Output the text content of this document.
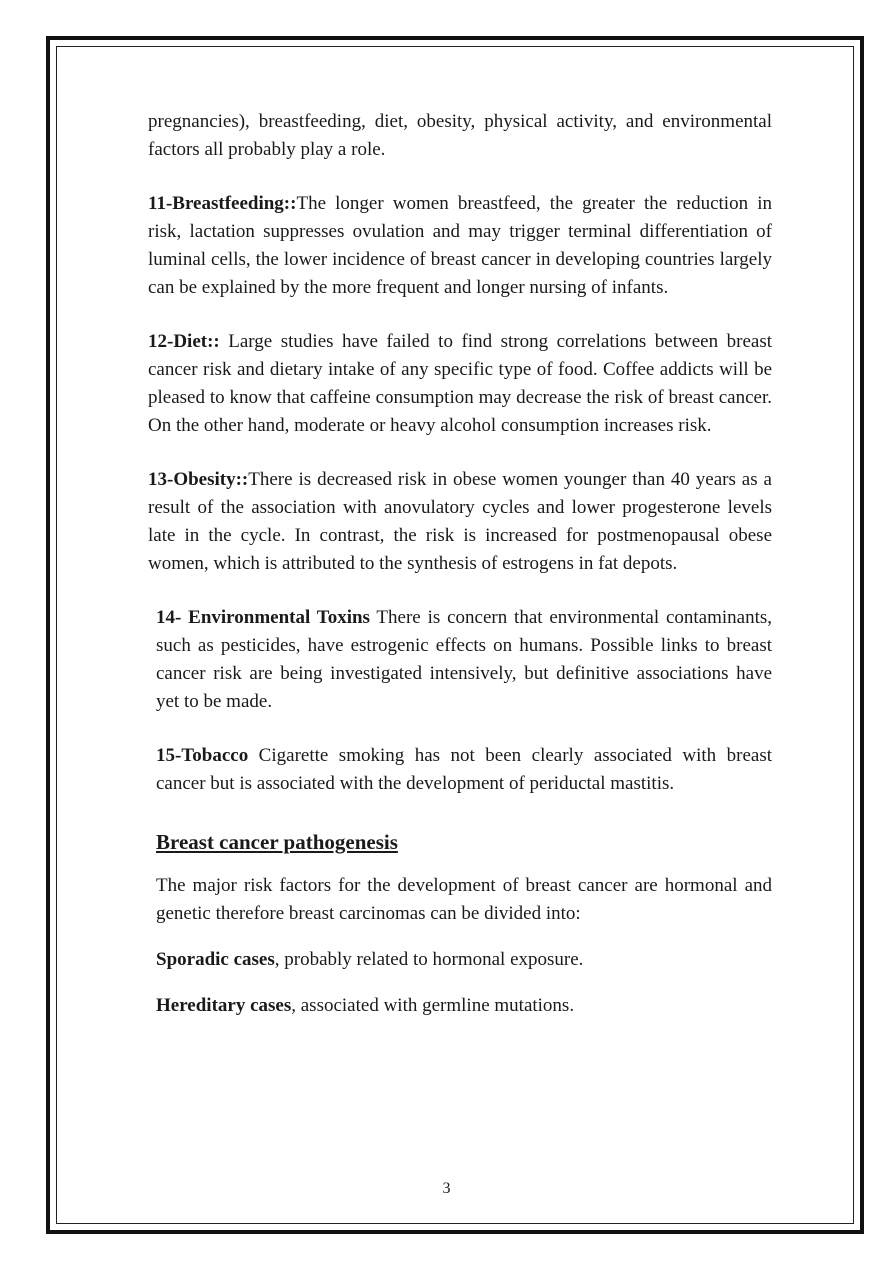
pregnancies), breastfeeding, diet, obesity, physical activity, and environmental factors all probably play a role.

11-Breastfeeding::The longer women breastfeed, the greater the reduction in risk, lactation suppresses ovulation and may trigger terminal differentiation of luminal cells, the lower incidence of breast cancer in developing countries largely can be explained by the more frequent and longer nursing of infants.

12-Diet:: Large studies have failed to find strong correlations between breast cancer risk and dietary intake of any specific type of food. Coffee addicts will be pleased to know that caffeine consumption may decrease the risk of breast cancer. On the other hand, moderate or heavy alcohol consumption increases risk.

13-Obesity::There is decreased risk in obese women younger than 40 years as a result of the association with anovulatory cycles and lower progesterone levels late in the cycle. In contrast, the risk is increased for postmenopausal obese women, which is attributed to the synthesis of estrogens in fat depots.

14- Environmental Toxins There is concern that environmental contaminants, such as pesticides, have estrogenic effects on humans. Possible links to breast cancer risk are being investigated intensively, but definitive associations have yet to be made.

15-Tobacco Cigarette smoking has not been clearly associated with breast cancer but is associated with the development of periductal mastitis.

Breast cancer pathogenesis

The major risk factors for the development of breast cancer are hormonal and genetic therefore breast carcinomas can be divided into:

Sporadic cases, probably related to hormonal exposure.

Hereditary cases, associated with germline mutations.

3
